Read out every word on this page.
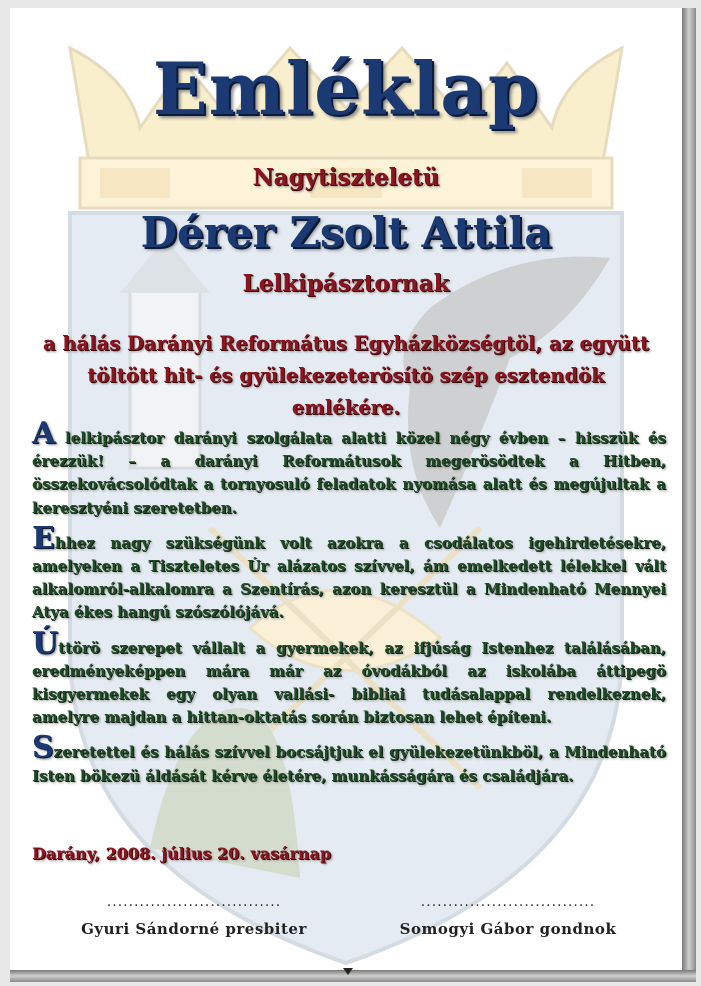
Emléklap
Nagytiszteletü
Dérer Zsolt Attila
Lelkipásztornak
a hálás Darányi Református Egyházközségtöl, az együtt töltött hit- és gyülekezeterösítö szép esztendök emlékére.

A lelkipásztor darányi szolgálata alatti közel négy évben – hisszük és érezzük! – a darányi Reformátusok megerösödtek a Hitben, összekovácsolódtak a tornyosuló feladatok nyomása alatt és megújultak a keresztyéni szeretetben.

Ehhez nagy szükségünk volt azokra a csodálatos igehirdetésekre, amelyeken a Tiszteletes Úr alázatos szívvel, ám emelkedett lélekkel vált alkalomról-alkalomra a Szentírás, azon keresztül a Mindenható Mennyei Atya ékes hangú szószólójává.

Úttörö szerepet vállalt a gyermekek, az ifjúság Istenhez találásában, eredményeképpen mára már az óvodákból az iskolába áttipegö kisgyermekek egy olyan vallási- bibliai tudásalappal rendelkeznek, amelyre majdan a hittan-oktatás során biztosan lehet építeni.

Szeretettel és hálás szívvel bocsájtjuk el gyülekezetünkböl, a Mindenható Isten bökezü áldását kérve életére, munkásságára és családjára.

Darány, 2008. július 20. vasárnap
................................
Gyuri Sándorné presbiter
................................
Somogyi Gábor gondnok
